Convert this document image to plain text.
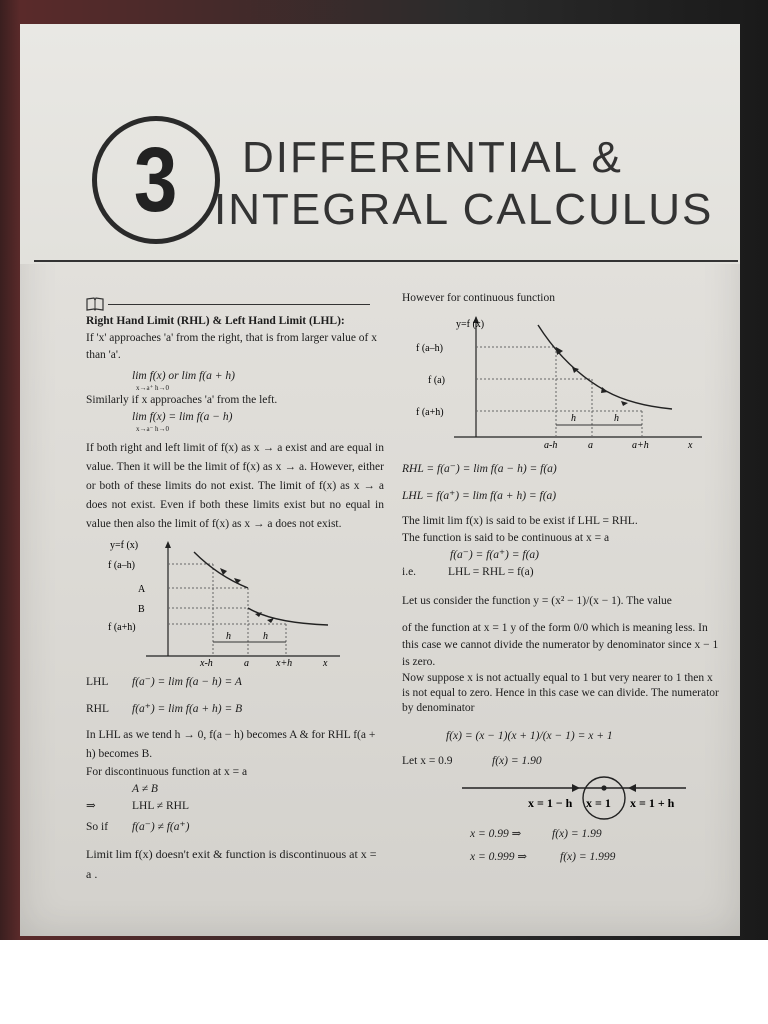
3 DIFFERENTIAL &
INTEGRAL CALCULUS

Right Hand Limit (RHL) & Left Hand Limit (LHL):

If 'x' approaches 'a' from the right, that is from larger value of x than 'a'.

lim f(x) or lim f(a + h)
x→a⁺ h→0

Similarly if x approaches 'a' from the left.

lim f(x) = lim f(a − h)
x→a⁻ h→0

If both right and left limit of f(x) as x → a exist and are equal in value. Then it will be the limit of f(x) as x → a. However, either or both of these limits do not exist. The limit of f(x) as x → a does not exist. Even if both these limits exist but no equal in value then also the limit of f(x) as x → a does not exist.

y=f (x)
f (a–h)
A
B
f (a+h)
h	h
x-h	a	x+h	x
LHL	f(a⁻) = lim f(a − h) = A
RHL	f(a⁺) = lim f(a + h) = B

In LHL as we tend h → 0, f(a − h) becomes A & for RHL f(a + h) becomes B.

For discontinuous function at x = a

A ≠ B

⇒	LHL ≠ RHL
So if	f(a⁻) ≠ f(a⁺)

Limit lim f(x) doesn't exit & function is discontinuous at x = a .

However for continuous function

y=f (x)
f (a–h)
f (a)
f (a+h)
h	h
a-h	a	a+h	x

RHL = f(a⁻) = lim f(a − h) = f(a)

LHL = f(a⁺) = lim f(a + h) = f(a)

The limit lim f(x) is said to be exist if LHL = RHL.

The function is said to be continuous at x = a

f(a⁻) = f(a⁺) = f(a)

i.e.	LHL = RHL = f(a)

Let us consider the function y = (x² − 1)/(x − 1). The value

of the function at x = 1 y of the form 0/0 which is meaning less. In this case we cannot divide the numerator by denominator since x − 1 is zero.

Now suppose x is not actually equal to 1 but very nearer to 1 then x is not equal to zero. Hence in this case we can divide. The numerator by denominator

f(x) = (x − 1)(x + 1)/(x − 1) = x + 1

Let x = 0.9	f(x) = 1.90
x = 1 − h x = 1 x = 1 + h
x = 0.99 ⇒	f(x) = 1.99
x = 0.999 ⇒	f(x) = 1.999
